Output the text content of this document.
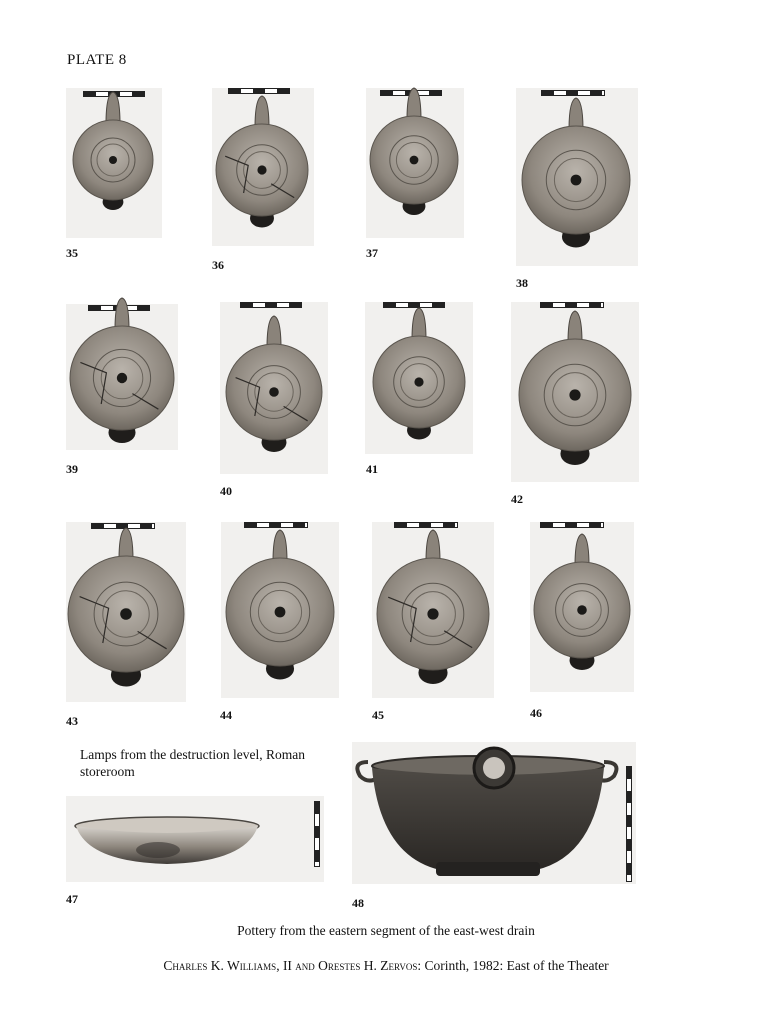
PLATE 8
35
36
37
38
39
40
41
42
43	44	45	46
47	48
Lamps from the destruction level, Roman
storeroom
Pottery from the eastern segment of the east-west drain
Charles K. Williams, II and Orestes H. Zervos: Corinth, 1982: East of the Theater
